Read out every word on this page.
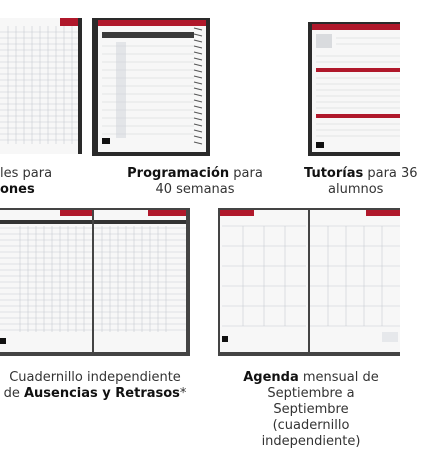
les para
ones
Programación para
40 semanas
Tutorías para 36
alumnos
Cuadernillo independiente
de Ausencias y Retrasos*
Agenda mensual de
Septiembre a
Septiembre
(cuadernillo independiente)
